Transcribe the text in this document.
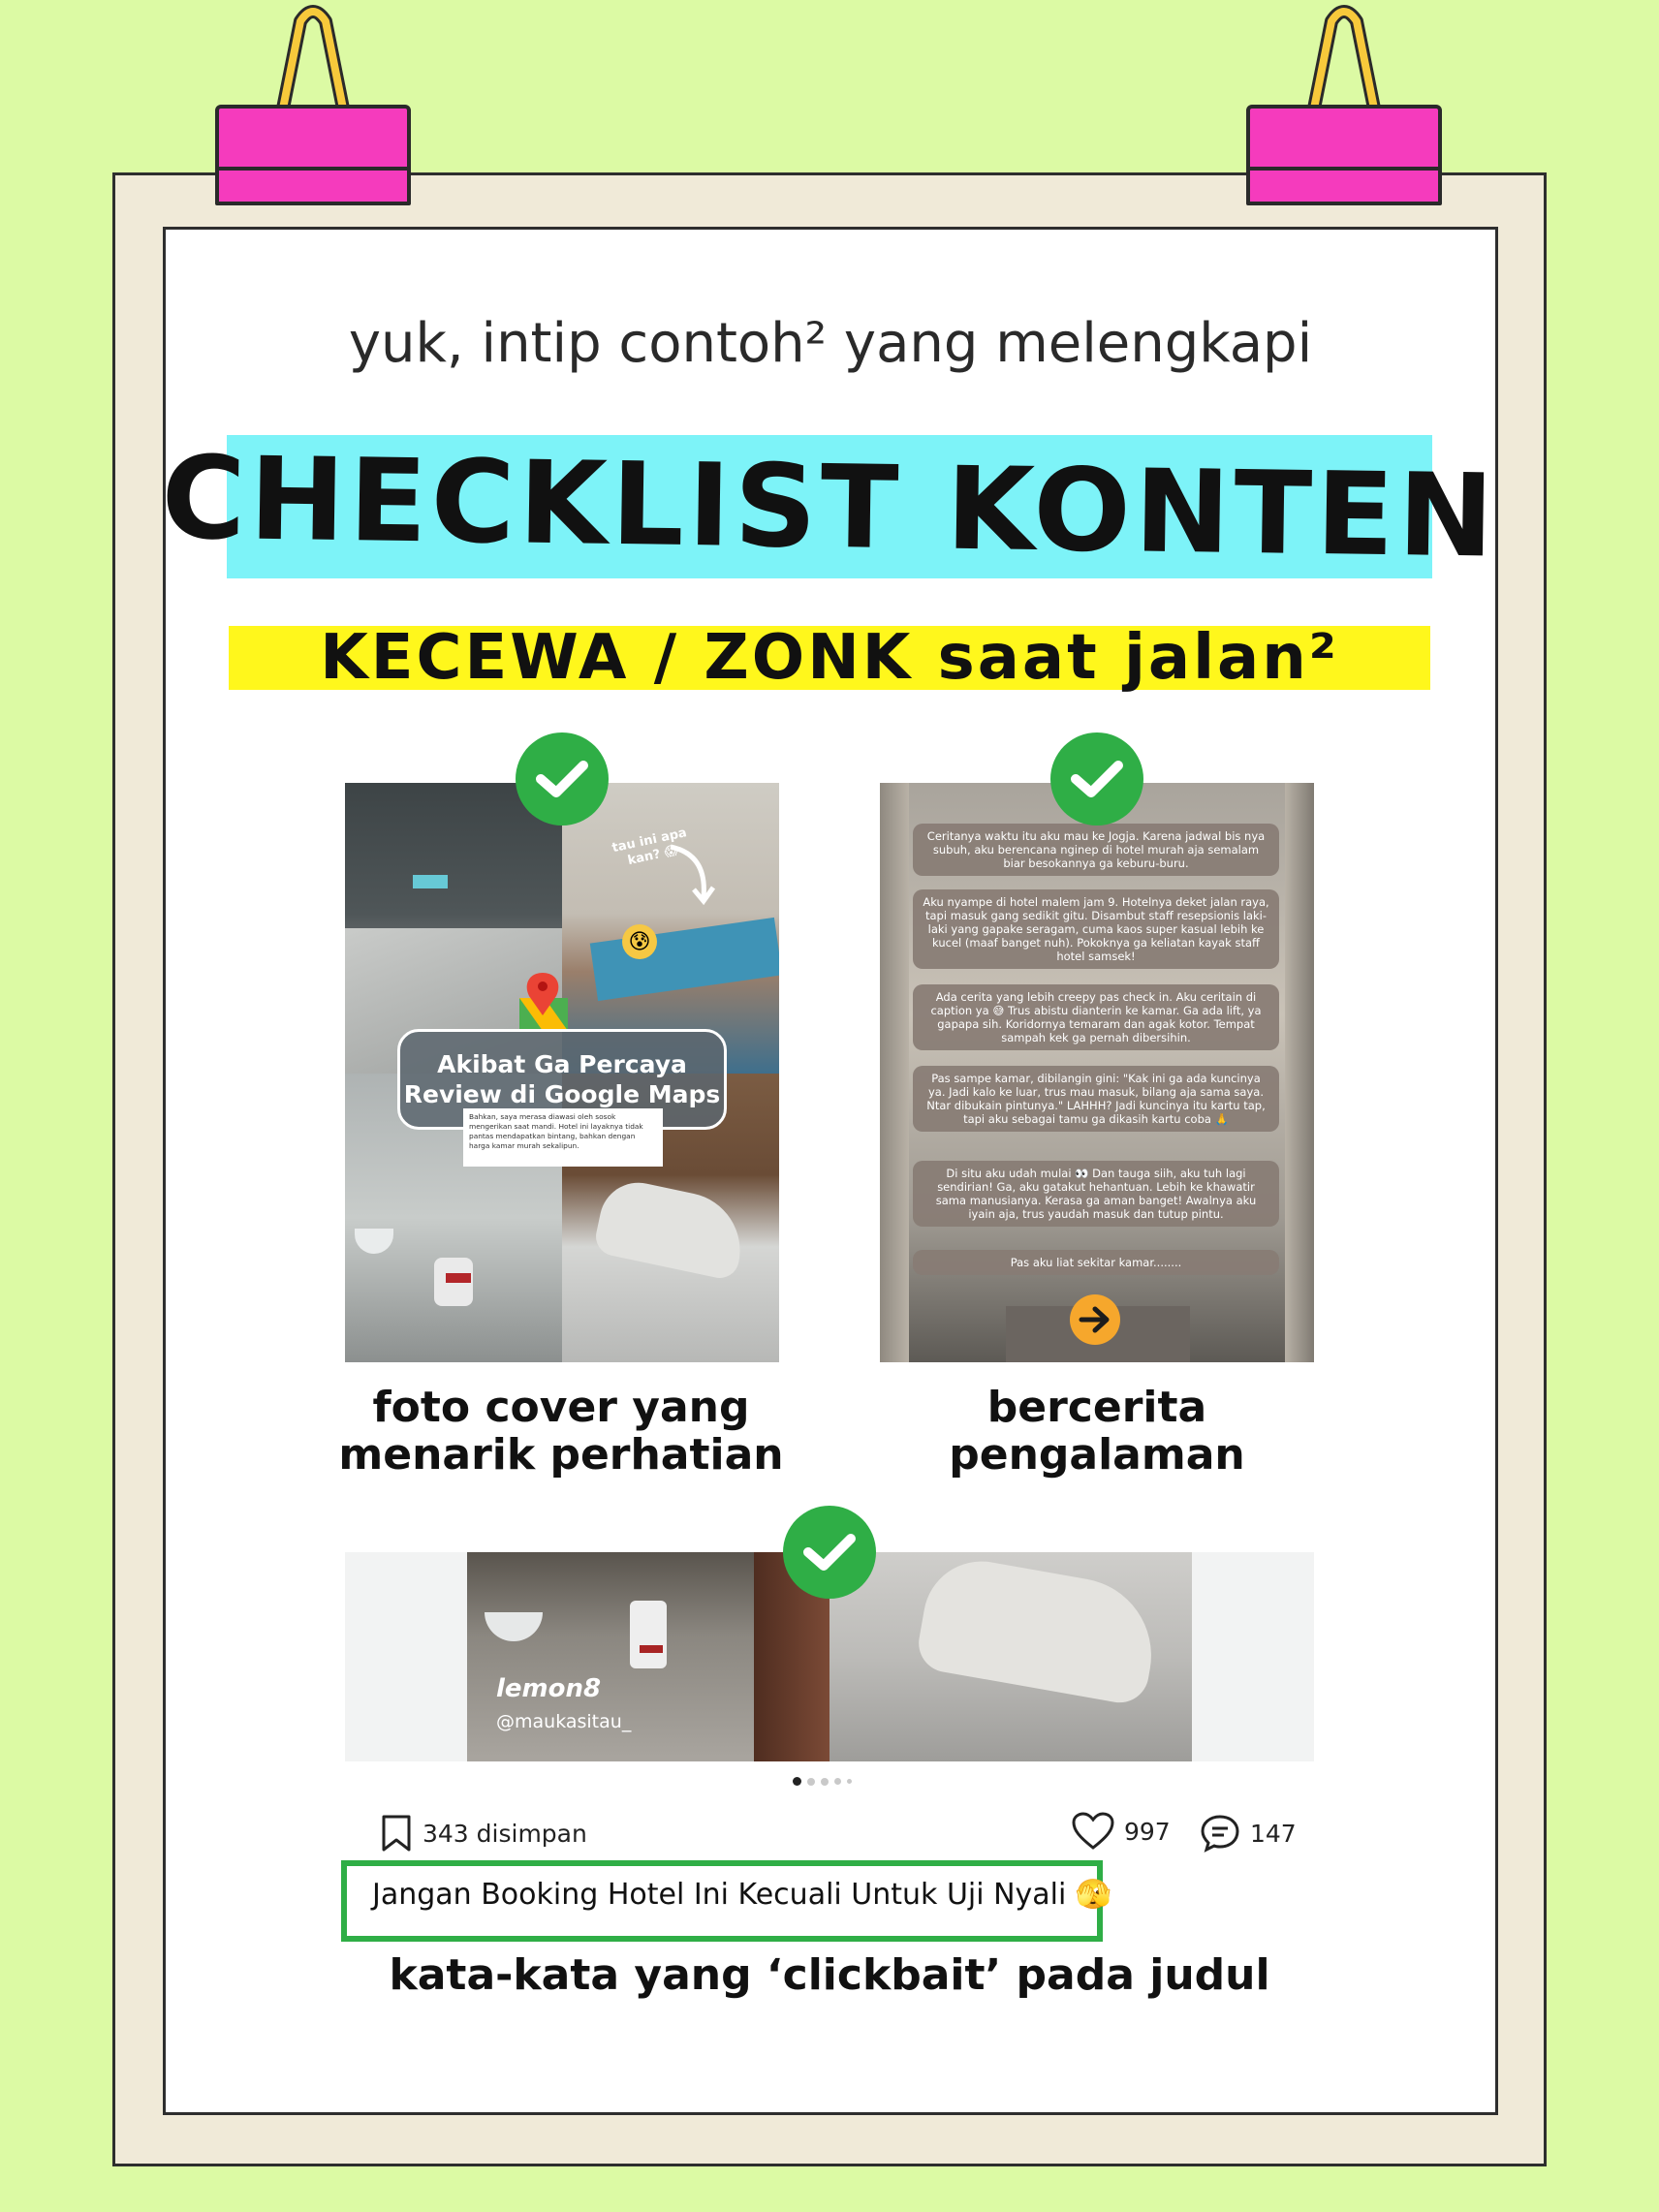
yuk, intip contoh² yang melengkapi
CHECKLIST KONTEN
KECEWA / ZONK saat jalan²
tau ini apa kan? 😱
😰
Akibat Ga Percaya
Review di Google Maps
Bahkan, saya merasa diawasi oleh sosok mengerikan saat mandi. Hotel ini layaknya tidak pantas mendapatkan bintang, bahkan dengan harga kamar murah sekalipun.
foto cover yang
menarik perhatian
Ceritanya waktu itu aku mau ke Jogja. Karena jadwal bis nya subuh, aku berencana nginep di hotel murah aja semalam biar besokannya ga keburu-buru.
Aku nyampe di hotel malem jam 9. Hotelnya deket jalan raya, tapi masuk gang sedikit gitu. Disambut staff resepsionis laki-laki yang gapake seragam, cuma kaos super kasual lebih ke kucel (maaf banget nuh). Pokoknya ga keliatan kayak staff hotel samsek!
Ada cerita yang lebih creepy pas check in. Aku ceritain di caption ya 😅 Trus abistu dianterin ke kamar. Ga ada lift, ya gapapa sih. Koridornya temaram dan agak kotor. Tempat sampah kek ga pernah dibersihin.
Pas sampe kamar, dibilangin gini: "Kak ini ga ada kuncinya ya. Jadi kalo ke luar, trus mau masuk, bilang aja sama saya. Ntar dibukain pintunya." LAHHH? Jadi kuncinya itu kartu tap, tapi aku sebagai tamu ga dikasih kartu coba 🙏
Di situ aku udah mulai 👀 Dan tauga siih, aku tuh lagi sendirian! Ga, aku gatakut hehantuan. Lebih ke khawatir sama manusianya. Kerasa ga aman banget! Awalnya aku iyain aja, trus yaudah masuk dan tutup pintu.
Pas aku liat sekitar kamar........
bercerita
pengalaman
lemon8
@maukasitau_
343 disimpan	997	147
Jangan Booking Hotel Ini Kecuali Untuk Uji Nyali 🫣
kata-kata yang ‘clickbait’ pada judul
